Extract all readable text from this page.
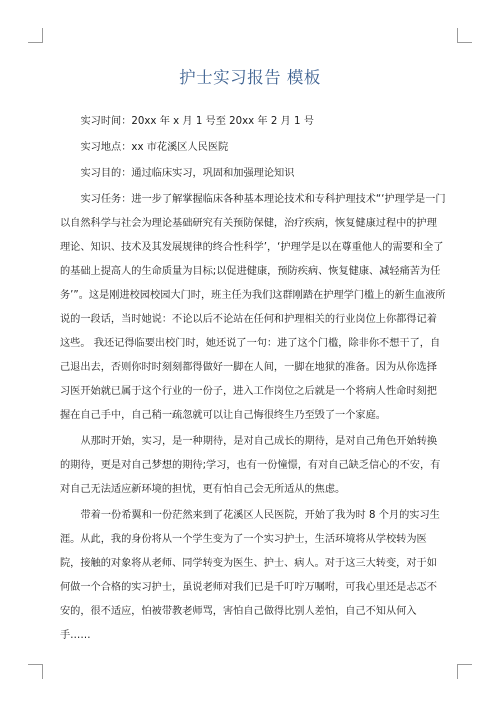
护士实习报告 模板

实习时间：20xx 年 x 月 1 号至 20xx 年 2 月 1 号

实习地点：xx 市花溪区人民医院

实习目的：通过临床实习，巩固和加强理论知识

实习任务：进一步了解掌握临床各种基本理论技术和专科护理技术“‘护理学是一门以自然科学与社会为理论基础研究有关预防保健，治疗疾病，恢复健康过程中的护理理论、知识、技术及其发展规律的终合性科学’，‘护理学是以在尊重他人的需要和全了的基础上提高人的生命质量为目标;以促进健康，预防疾病、恢复健康、减轻痛苦为任务’”。这是刚进校园校园大门时，班主任为我们这群刚踏在护理学门槛上的新生血液所说的一段话，当时她说：不论以后不论站在任何和护理相关的行业岗位上你都得记着这些。 我还记得临要出校门时，她还说了一句：进了这个门槛，除非你不想干了，自己退出去，否则你时时刻刻都得做好一脚在人间，一脚在地狱的准备。因为从你选择习医开始就已属于这个行业的一份子，进入工作岗位之后就是一个将病人性命时刻把握在自己手中，自己稍一疏忽就可以让自己悔很终生乃至毁了一个家庭。

从那时开始，实习，是一种期待，是对自己成长的期待，是对自己角色开始转换的期待，更是对自己梦想的期待;学习，也有一份憧憬，有对自己缺乏信心的不安，有对自己无法适应新环境的担忧，更有怕自己会无所适从的焦虑。

带着一份希翼和一份茫然来到了花溪区人民医院，开始了我为时 8 个月的实习生涯。从此，我的身份将从一个学生变为了一个实习护士，生活环境将从学校转为医院，接触的对象将从老师、同学转变为医生、护士、病人。对于这三大转变，对于如何做一个合格的实习护士，虽说老师对我们已是千叮咛万嘱咐，可我心里还是忐忑不安的，很不适应，怕被带教老师骂，害怕自己做得比别人差怕，自己不知从何入手……
